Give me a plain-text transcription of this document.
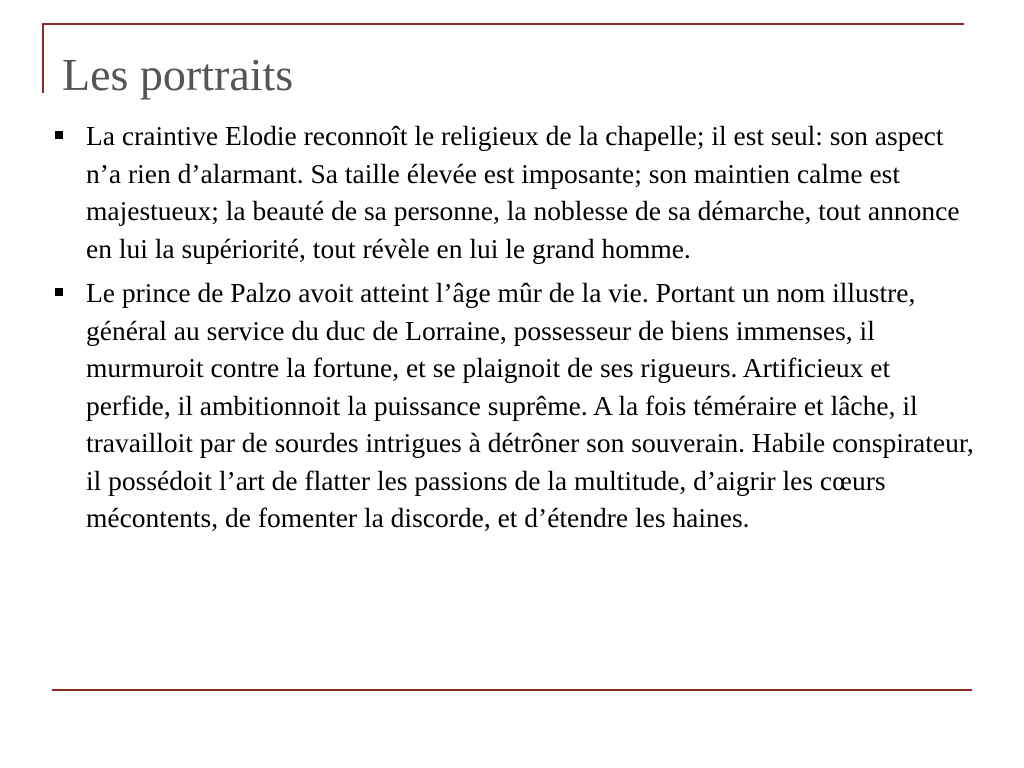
Les portraits
La craintive Elodie reconnoît le religieux de la chapelle; il est seul: son aspect n’a rien d’alarmant. Sa taille élevée est imposante; son maintien calme est majestueux; la beauté de sa personne, la noblesse de sa démarche, tout annonce en lui la supériorité, tout révèle en lui le grand homme.
Le prince de Palzo avoit atteint l’âge mûr de la vie. Portant un nom illustre, général au service du duc de Lorraine, possesseur de biens immenses, il murmuroit contre la fortune, et se plaignoit de ses rigueurs. Artificieux et perfide, il ambitionnoit la puissance suprême. A la fois téméraire et lâche, il travailloit par de sourdes intrigues à détrôner son souverain. Habile conspirateur, il possédoit l’art de flatter les passions de la multitude, d’aigrir les cœurs mécontents, de fomenter la discorde, et d’étendre les haines.
